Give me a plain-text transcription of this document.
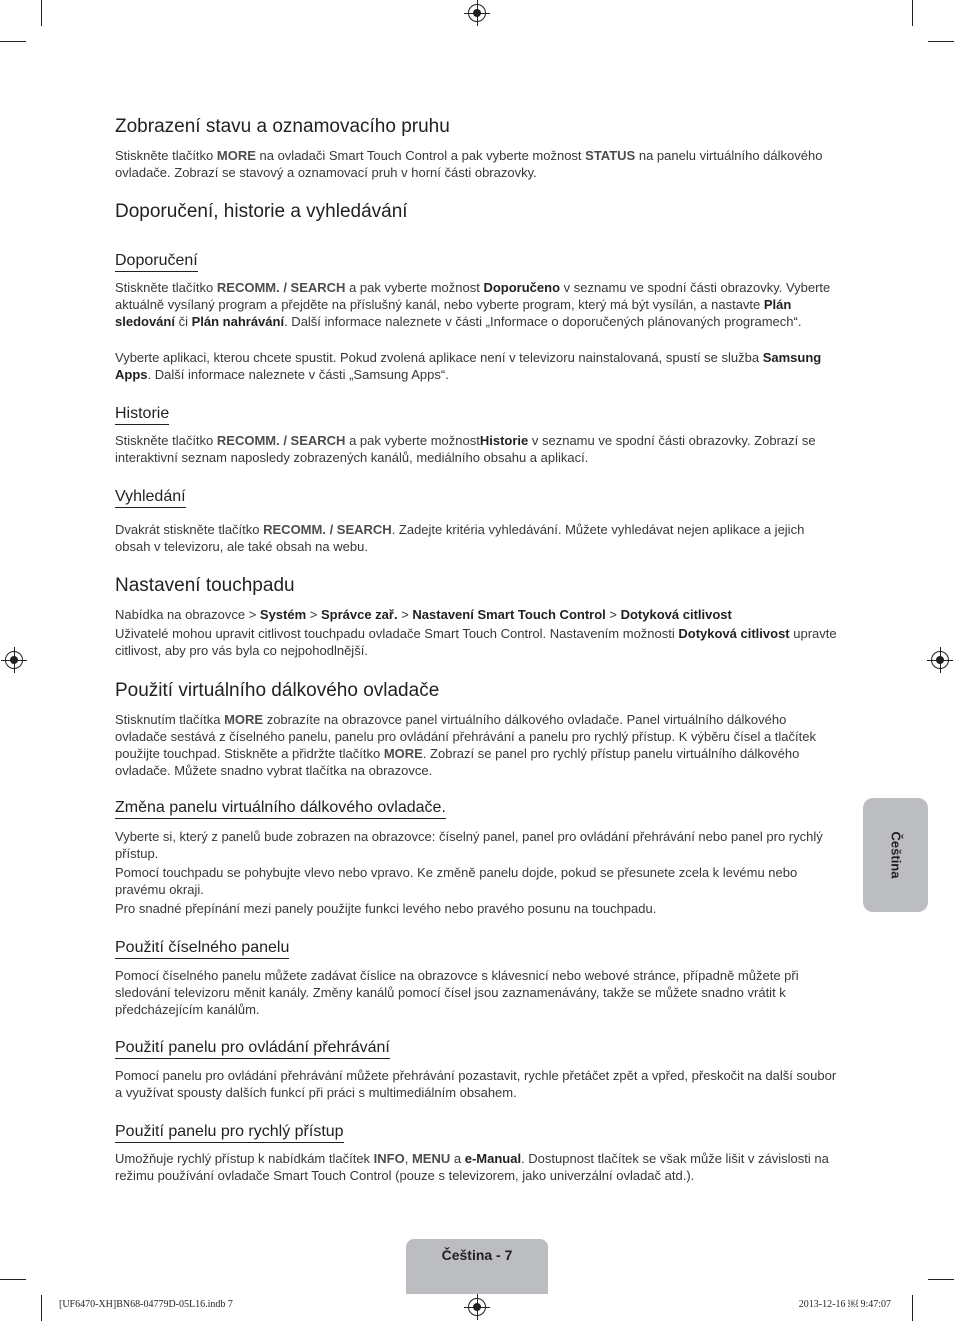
Zobrazení stavu a oznamovacího pruhu

Stiskněte tlačítko MORE na ovladači Smart Touch Control a pak vyberte možnost STATUS na panelu virtuálního dálkového ovladače. Zobrazí se stavový a oznamovací pruh v horní části obrazovky.

Doporučení, historie a vyhledávání
Doporučení

Stiskněte tlačítko RECOMM. / SEARCH a pak vyberte možnost Doporučeno v seznamu ve spodní části obrazovky. Vyberte aktuálně vysílaný program a přejděte na příslušný kanál, nebo vyberte program, který má být vysílán, a nastavte Plán sledování či Plán nahrávání. Další informace naleznete v části „Informace o doporučených plánovaných programech“.

Vyberte aplikaci, kterou chcete spustit. Pokud zvolená aplikace není v televizoru nainstalovaná, spustí se služba Samsung Apps. Další informace naleznete v části „Samsung Apps“.

Historie

Stiskněte tlačítko RECOMM. / SEARCH a pak vyberte možnostHistorie v seznamu ve spodní části obrazovky. Zobrazí se interaktivní seznam naposledy zobrazených kanálů, mediálního obsahu a aplikací.

Vyhledání

Dvakrát stiskněte tlačítko RECOMM. / SEARCH. Zadejte kritéria vyhledávání. Můžete vyhledávat nejen aplikace a jejich obsah v televizoru, ale také obsah na webu.

Nastavení touchpadu

Nabídka na obrazovce > Systém > Správce zař. > Nastavení Smart Touch Control > Dotyková citlivost

Uživatelé mohou upravit citlivost touchpadu ovladače Smart Touch Control. Nastavením možnosti Dotyková citlivost upravte citlivost, aby pro vás byla co nejpohodlnější.

Použití virtuálního dálkového ovladače

Stisknutím tlačítka MORE zobrazíte na obrazovce panel virtuálního dálkového ovladače. Panel virtuálního dálkového ovladače sestává z číselného panelu, panelu pro ovládání přehrávání a panelu pro rychlý přístup. K výběru čísel a tlačítek použijte touchpad. Stiskněte a přidržte tlačítko MORE. Zobrazí se panel pro rychlý přístup panelu virtuálního dálkového ovladače. Můžete snadno vybrat tlačítka na obrazovce.

Změna panelu virtuálního dálkového ovladače.

Vyberte si, který z panelů bude zobrazen na obrazovce: číselný panel, panel pro ovládání přehrávání nebo panel pro rychlý přístup.

Pomocí touchpadu se pohybujte vlevo nebo vpravo. Ke změně panelu dojde, pokud se přesunete zcela k levému nebo pravému okraji.

Pro snadné přepínání mezi panely použijte funkci levého nebo pravého posunu na touchpadu.

Použití číselného panelu

Pomocí číselného panelu můžete zadávat číslice na obrazovce s klávesnicí nebo webové stránce, případně můžete při sledování televizoru měnit kanály. Změny kanálů pomocí čísel jsou zaznamenávány, takže se můžete snadno vrátit k předcházejícím kanálům.

Použití panelu pro ovládání přehrávání

Pomocí panelu pro ovládání přehrávání můžete přehrávání pozastavit, rychle přetáčet zpět a vpřed, přeskočit na další soubor a využívat spousty dalších funkcí při práci s multimediálním obsahem.

Použití panelu pro rychlý přístup

Umožňuje rychlý přístup k nabídkám tlačítek INFO, MENU a e-Manual. Dostupnost tlačítek se však může lišit v závislosti na režimu používání ovladače Smart Touch Control (pouze s televizorem, jako univerzální ovladač atd.).

Čeština
Čeština - 7
[UF6470-XH]BN68-04779D-05L16.indb 7	2013-12-16 ￼ 9:47:07
